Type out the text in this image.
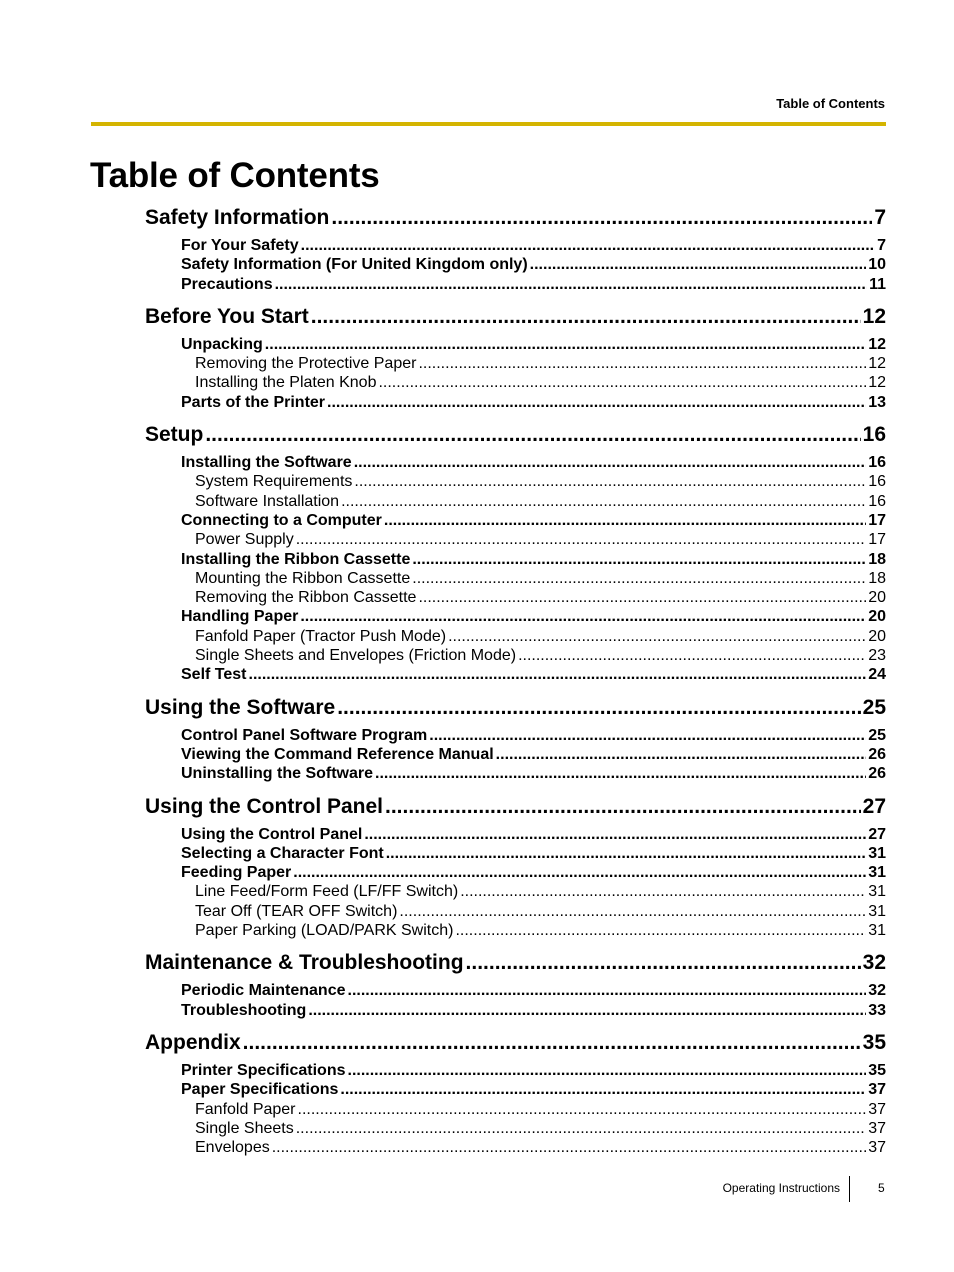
Table of Contents
Table of Contents
Safety Information .....	7
For Your Safety .....	7
Safety Information (For United Kingdom only) .....	10
Precautions .....	11
Before You Start .....	12
Unpacking .....	12
Removing the Protective Paper .....	12
Installing the Platen Knob .....	12
Parts of the Printer .....	13
Setup .....	16
Installing the Software .....	16
System Requirements .....	16
Software Installation .....	16
Connecting to a Computer .....	17
Power Supply .....	17
Installing the Ribbon Cassette .....	18
Mounting the Ribbon Cassette .....	18
Removing the Ribbon Cassette .....	20
Handling Paper .....	20
Fanfold Paper (Tractor Push Mode) .....	20
Single Sheets and Envelopes (Friction Mode) .....	23
Self Test .....	24
Using the Software .....	25
Control Panel Software Program .....	25
Viewing the Command Reference Manual .....	26
Uninstalling the Software .....	26
Using the Control Panel .....	27
Using the Control Panel .....	27
Selecting a Character Font .....	31
Feeding Paper .....	31
Line Feed/Form Feed (LF/FF Switch) .....	31
Tear Off (TEAR OFF Switch) .....	31
Paper Parking (LOAD/PARK Switch) .....	31
Maintenance & Troubleshooting .....	32
Periodic Maintenance .....	32
Troubleshooting .....	33
Appendix .....	35
Printer Specifications .....	35
Paper Specifications .....	37
Fanfold Paper .....	37
Single Sheets .....	37
Envelopes .....	37
Operating Instructions	5
